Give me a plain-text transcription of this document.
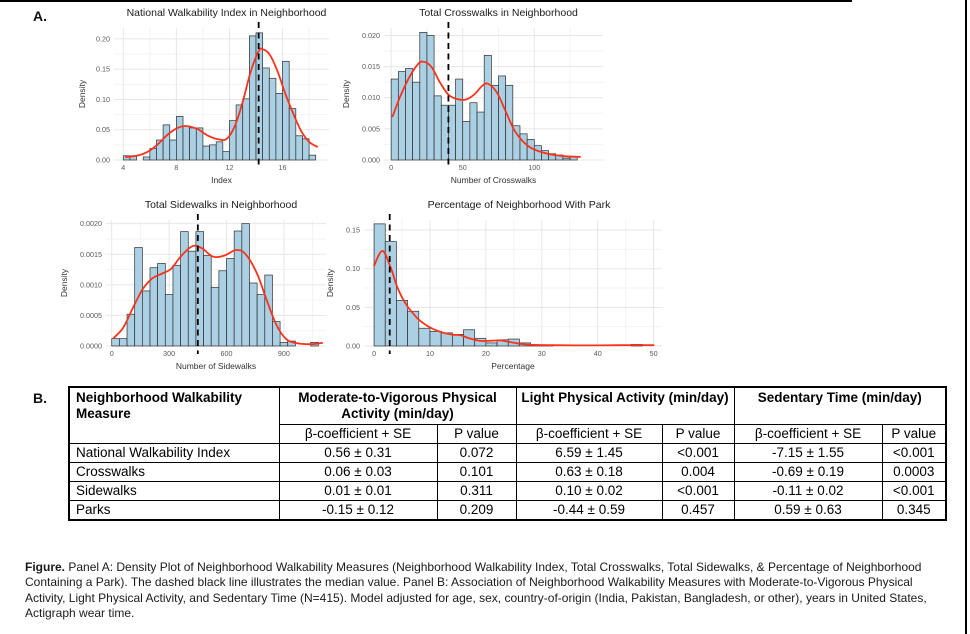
A.
B.
National Walkability Index in Neighborhood
0.00
0.05
0.10
0.15
0.20
4	8	12	16
Index
Density
Total Crosswalks in Neighborhood
0.000
0.005
0.010
0.015
0.020
0	50	100
Number of Crosswalks
Density
Total Sidewalks in Neighborhood
0.0000
0.0005
0.0010
0.0015
0.0020
0	300	600	900
Number of Sidewalks
Density
Percentage of Neighborhood With Park
0.00
0.05
0.10
0.15
0	10	20	30	40	50
Percentage
Density
Neighborhood Walkability Measure	Moderate-to-Vigorous Physical Activity (min/day)		Light Physical Activity (min/day)		Sedentary Time (min/day)	
	β-coefficient + SE	P value	β-coefficient + SE	P value	β-coefficient + SE	P value
National Walkability Index	0.56 ± 0.31	0.072	6.59 ± 1.45	<0.001	-7.15 ± 1.55	<0.001
Crosswalks	0.06 ± 0.03	0.101	0.63 ± 0.18	0.004	-0.69 ± 0.19	0.0003
Sidewalks	0.01 ± 0.01	0.311	0.10 ± 0.02	<0.001	-0.11 ± 0.02	<0.001
Parks	-0.15 ± 0.12	0.209	-0.44 ± 0.59	0.457	0.59 ± 0.63	0.345

Figure. Panel A: Density Plot of Neighborhood Walkability Measures (Neighborhood Walkability Index, Total Crosswalks, Total Sidewalks, & Percentage of Neighborhood Containing a Park). The dashed black line illustrates the median value. Panel B: Association of Neighborhood Walkability Measures with Moderate-to-Vigorous Physical Activity, Light Physical Activity, and Sedentary Time (N=415). Model adjusted for age, sex, country-of-origin (India, Pakistan, Bangladesh, or other), years in United States, Actigraph wear time.
